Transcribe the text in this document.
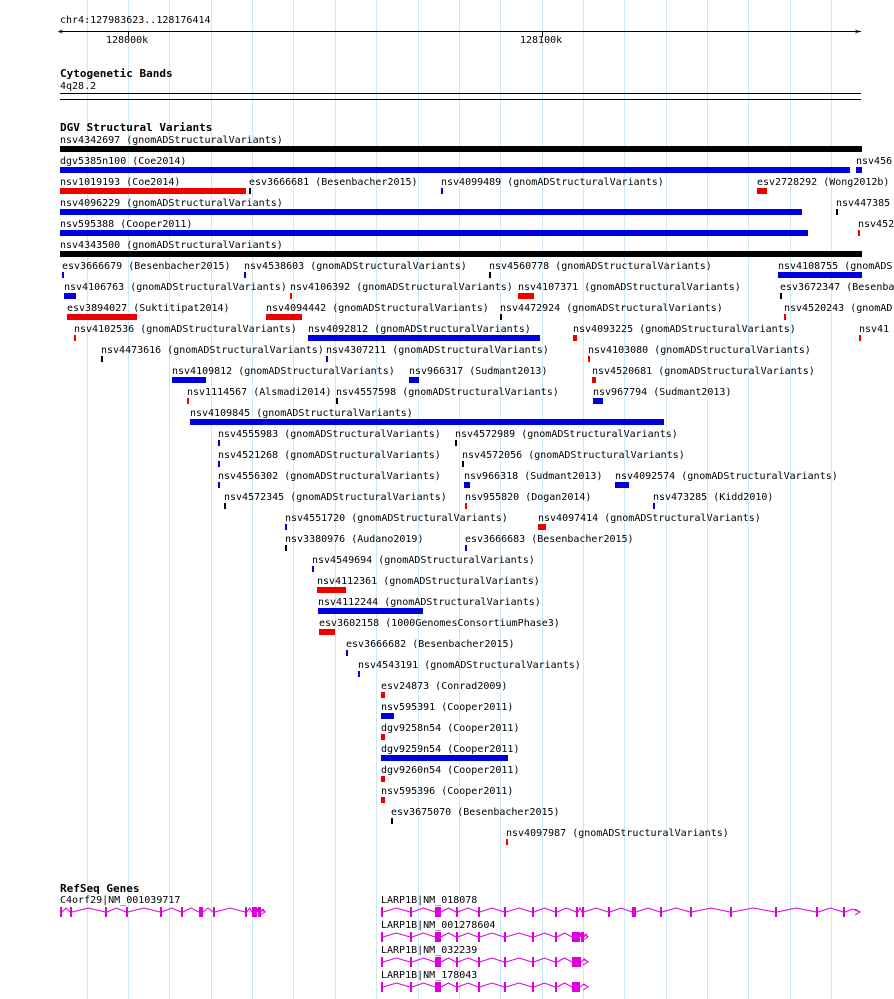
chr4:127983623..128176414
<	>
128000k	128100k
Cytogenetic Bands
4q28.2
DGV Structural Variants
nsv4342697 (gnomADStructuralVariants)
dgv5385n100 (Coe2014)	nsv456
nsv1019193 (Coe2014)	esv3666681 (Besenbacher2015) nsv4099489 (gnomADStructuralVariants)	esv2728292 (Wong2012b)
nsv4096229 (gnomADStructuralVariants)	nsv447385
nsv595388 (Cooper2011)	nsv452
nsv4343500 (gnomADStructuralVariants)
esv3666679 (Besenbacher2015) nsv4538603 (gnomADStructuralVariants) nsv4560778 (gnomADStructuralVariants)	nsv4108755 (gnomADS
nsv4106763 (gnomADStructuralVariants) nsv4106392 (gnomADStructuralVariants) nsv4107371 (gnomADStructuralVariants)	esv3672347 (Besenba
esv3894027 (Suktitipat2014)	nsv4094442 (gnomADStructuralVariants) nsv4472924 (gnomADStructuralVariants)	nsv4520243 (gnomAD
nsv4102536 (gnomADStructuralVariants) nsv4092812 (gnomADStructuralVariants)	nsv4093225 (gnomADStructuralVariants)	nsv41
nsv4473616 (gnomADStructuralVariants) nsv4307211 (gnomADStructuralVariants)	nsv4103080 (gnomADStructuralVariants)
nsv4109812 (gnomADStructuralVariants) nsv966317 (Sudmant2013)	nsv4520681 (gnomADStructuralVariants)
nsv1114567 (Alsmadi2014) nsv4557598 (gnomADStructuralVariants)	nsv967794 (Sudmant2013)
nsv4109845 (gnomADStructuralVariants)
nsv4555983 (gnomADStructuralVariants) nsv4572989 (gnomADStructuralVariants)
nsv4521268 (gnomADStructuralVariants) nsv4572056 (gnomADStructuralVariants)
nsv4556302 (gnomADStructuralVariants) nsv966318 (Sudmant2013) nsv4092574 (gnomADStructuralVariants)
nsv4572345 (gnomADStructuralVariants) nsv955820 (Dogan2014)	nsv473285 (Kidd2010)
nsv4551720 (gnomADStructuralVariants)	nsv4097414 (gnomADStructuralVariants)
nsv3380976 (Audano2019)	esv3666683 (Besenbacher2015)
nsv4549694 (gnomADStructuralVariants)
nsv4112361 (gnomADStructuralVariants)
nsv4112244 (gnomADStructuralVariants)
esv3602158 (1000GenomesConsortiumPhase3)
esv3666682 (Besenbacher2015)
nsv4543191 (gnomADStructuralVariants)
esv24873 (Conrad2009)
nsv595391 (Cooper2011)
dgv9258n54 (Cooper2011)
dgv9259n54 (Cooper2011)
dgv9260n54 (Cooper2011)
nsv595396 (Cooper2011)
esv3675070 (Besenbacher2015)
nsv4097987 (gnomADStructuralVariants)
RefSeq Genes
C4orf29|NM_001039717	LARP1B|NM_018078
LARP1B|NM_001278604
LARP1B|NM_032239
LARP1B|NM_178043
